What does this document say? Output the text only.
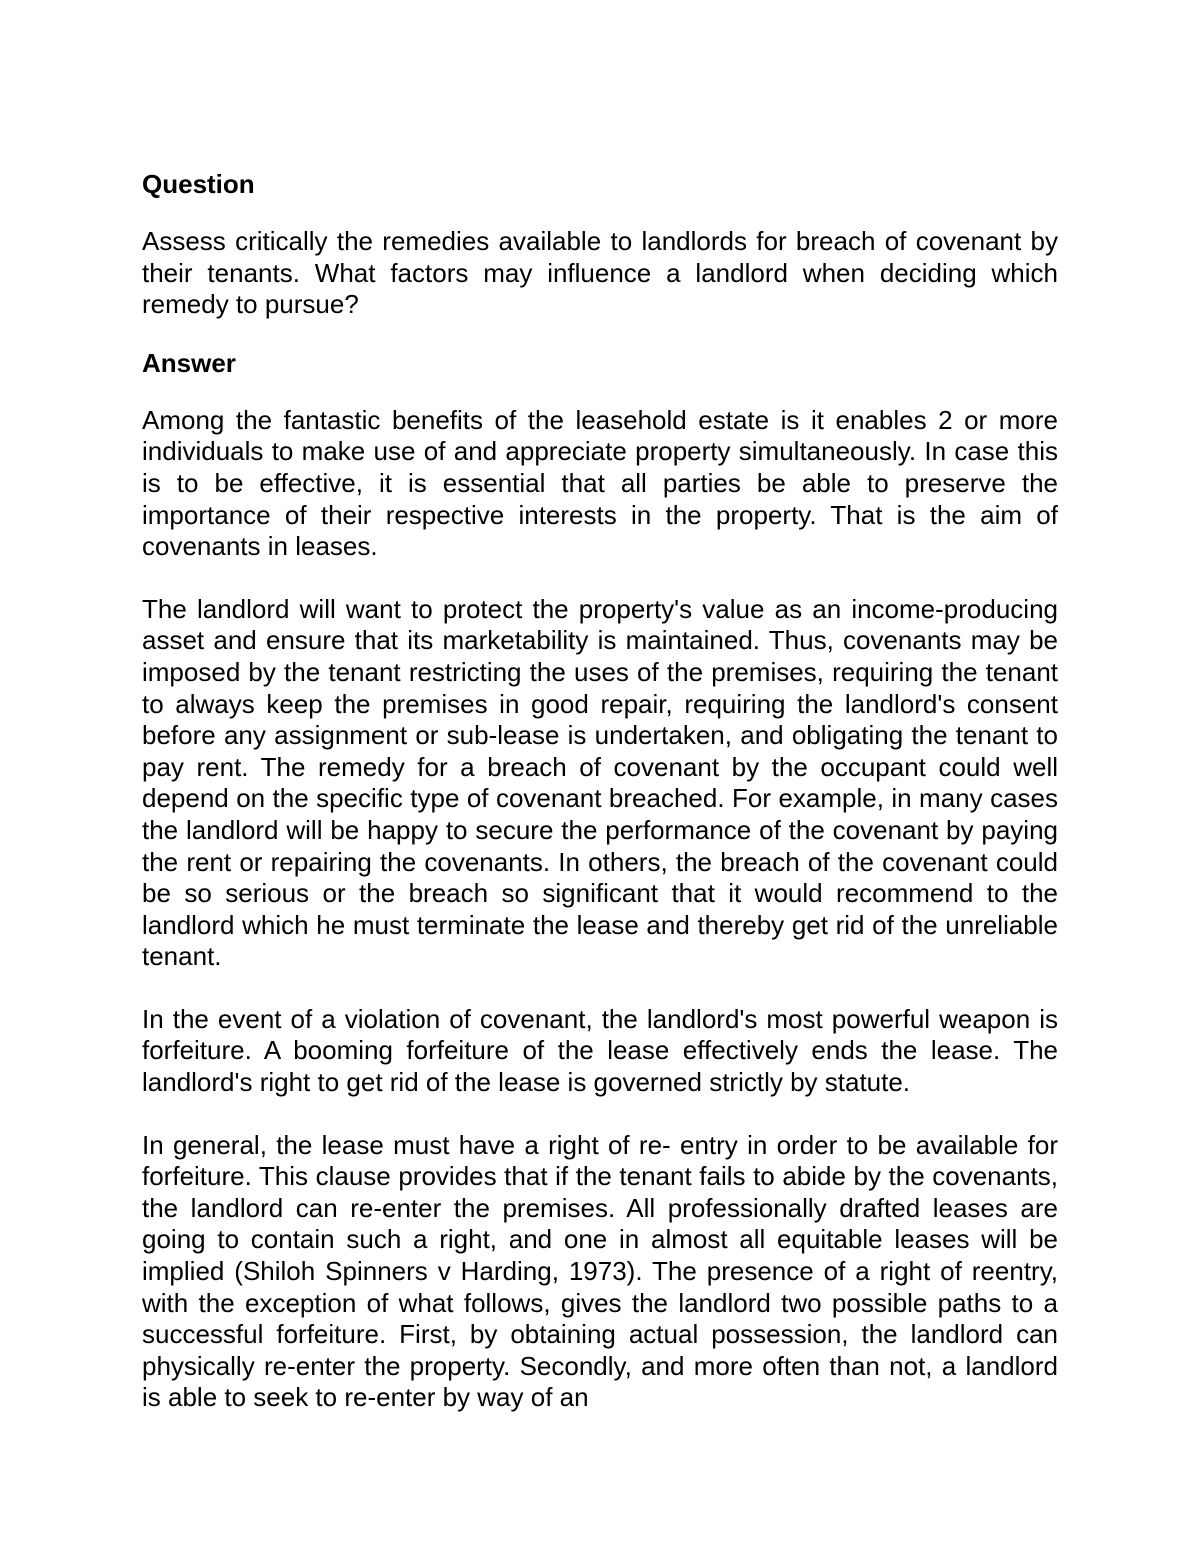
Question

Assess critically the remedies available to landlords for breach of covenant by their tenants. What factors may influence a landlord when deciding which remedy to pursue?

Answer

Among the fantastic benefits of the leasehold estate is it enables 2 or more individuals to make use of and appreciate property simultaneously. In case this is to be effective, it is essential that all parties be able to preserve the importance of their respective interests in the property. That is the aim of covenants in leases.

The landlord will want to protect the property's value as an income-producing asset and ensure that its marketability is maintained. Thus, covenants may be imposed by the tenant restricting the uses of the premises, requiring the tenant to always keep the premises in good repair, requiring the landlord's consent before any assignment or sub-lease is undertaken, and obligating the tenant to pay rent. The remedy for a breach of covenant by the occupant could well depend on the specific type of covenant breached. For example, in many cases the landlord will be happy to secure the performance of the covenant by paying the rent or repairing the covenants. In others, the breach of the covenant could be so serious or the breach so significant that it would recommend to the landlord which he must terminate the lease and thereby get rid of the unreliable tenant.

In the event of a violation of covenant, the landlord's most powerful weapon is forfeiture. A booming forfeiture of the lease effectively ends the lease. The landlord's right to get rid of the lease is governed strictly by statute.

In general, the lease must have a right of re- entry in order to be available for forfeiture. This clause provides that if the tenant fails to abide by the covenants, the landlord can re-enter the premises. All professionally drafted leases are going to contain such a right, and one in almost all equitable leases will be implied (Shiloh Spinners v Harding, 1973). The presence of a right of reentry, with the exception of what follows, gives the landlord two possible paths to a successful forfeiture. First, by obtaining actual possession, the landlord can physically re-enter the property. Secondly, and more often than not, a landlord is able to seek to re-enter by way of an
